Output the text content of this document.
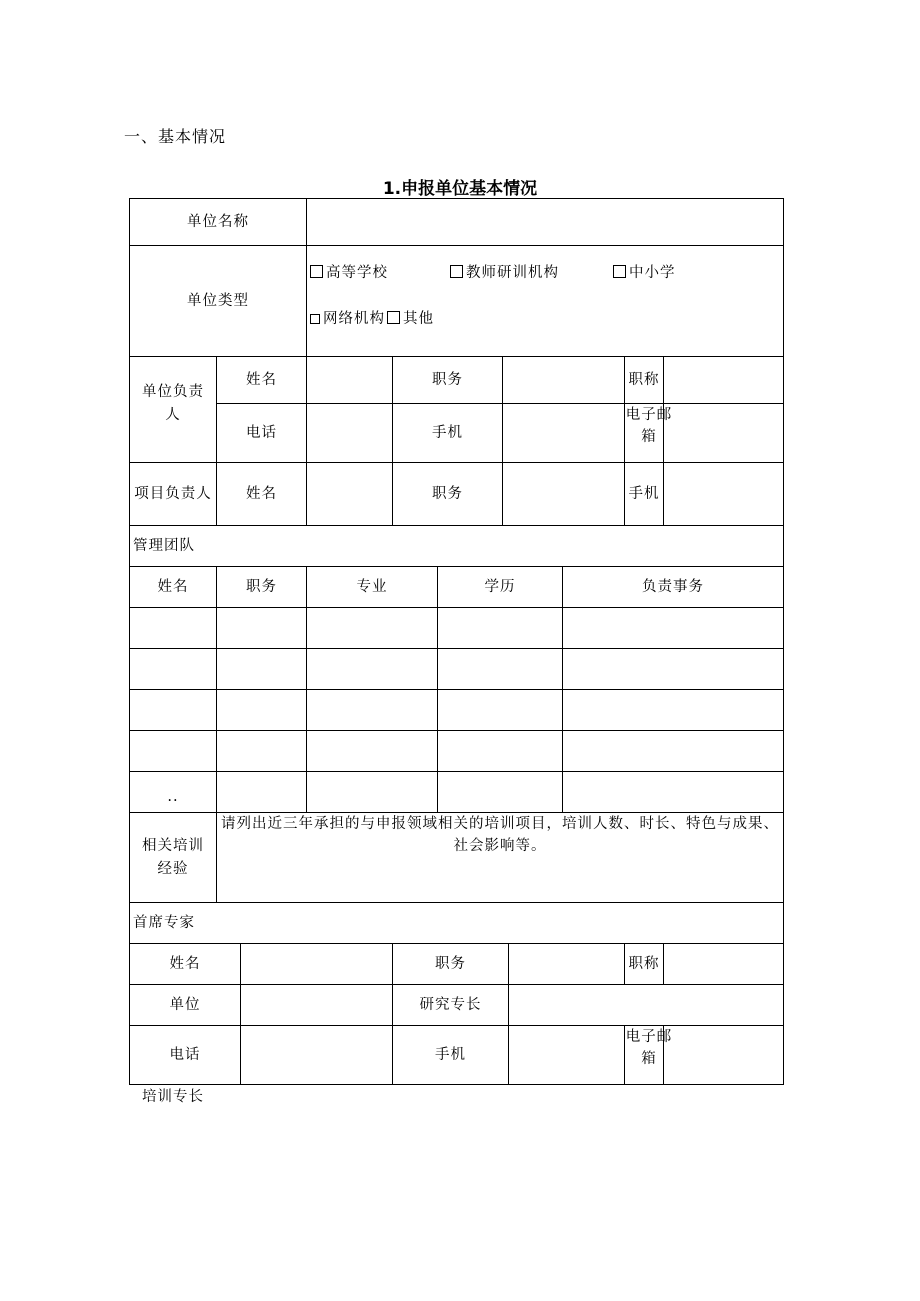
一、基本情况
1.申报单位基本情况
单位名称										
单位类型			高等学校 教师研训机构 中小学
网络机构 其他							

单位负责人	姓名			职务					职称	
	电话			手机					电子邮箱	
项目负责人	姓名			职务					手机	
管理团队										
姓名	职务		专业		学历			负责事务		

..										
相关培训经验	请列出近三年承担的与申报领域相关的培训项目，培训人数、时长、特色与成果、社会影响等。									
首席专家										
姓名				职务					职称	
单位				研究专长						
电话				手机					电子邮箱	
培训专长
